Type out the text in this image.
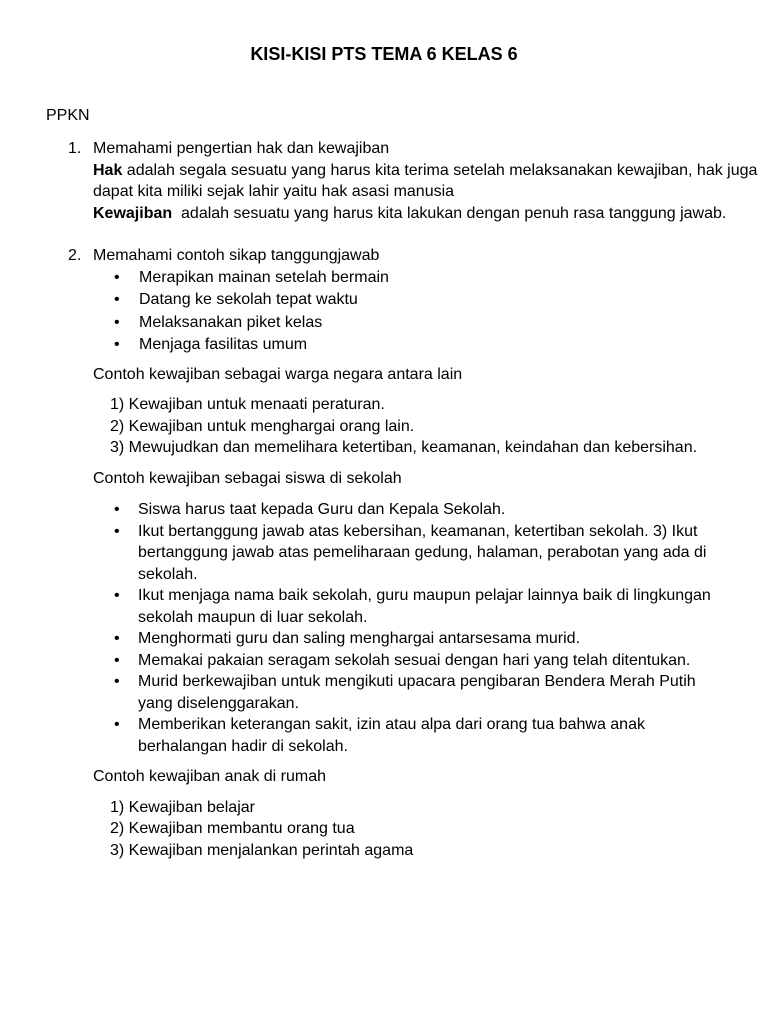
KISI-KISI PTS TEMA 6 KELAS 6
PPKN
1. Memahami pengertian hak dan kewajiban
Hak adalah segala sesuatu yang harus kita terima setelah melaksanakan kewajiban, hak juga dapat kita miliki sejak lahir yaitu hak asasi manusia
Kewajiban  adalah sesuatu yang harus kita lakukan dengan penuh rasa tanggung jawab.
2. Memahami contoh sikap tanggungjawab
• Merapikan mainan setelah bermain
• Datang ke sekolah tepat waktu
• Melaksanakan piket kelas
• Menjaga fasilitas umum
Contoh kewajiban sebagai warga negara antara lain
1) Kewajiban untuk menaati peraturan.
2) Kewajiban untuk menghargai orang lain.
3) Mewujudkan dan memelihara ketertiban, keamanan, keindahan dan kebersihan.
Contoh kewajiban sebagai siswa di sekolah
• Siswa harus taat kepada Guru dan Kepala Sekolah.
• Ikut bertanggung jawab atas kebersihan, keamanan, ketertiban sekolah. 3) Ikut bertanggung jawab atas pemeliharaan gedung, halaman, perabotan yang ada di sekolah.
• Ikut menjaga nama baik sekolah, guru maupun pelajar lainnya baik di lingkungan sekolah maupun di luar sekolah.
• Menghormati guru dan saling menghargai antarsesama murid.
• Memakai pakaian seragam sekolah sesuai dengan hari yang telah ditentukan.
• Murid berkewajiban untuk mengikuti upacara pengibaran Bendera Merah Putih yang diselenggarakan.
• Memberikan keterangan sakit, izin atau alpa dari orang tua bahwa anak berhalangan hadir di sekolah.
Contoh kewajiban anak di rumah
1) Kewajiban belajar
2) Kewajiban membantu orang tua
3) Kewajiban menjalankan perintah agama
